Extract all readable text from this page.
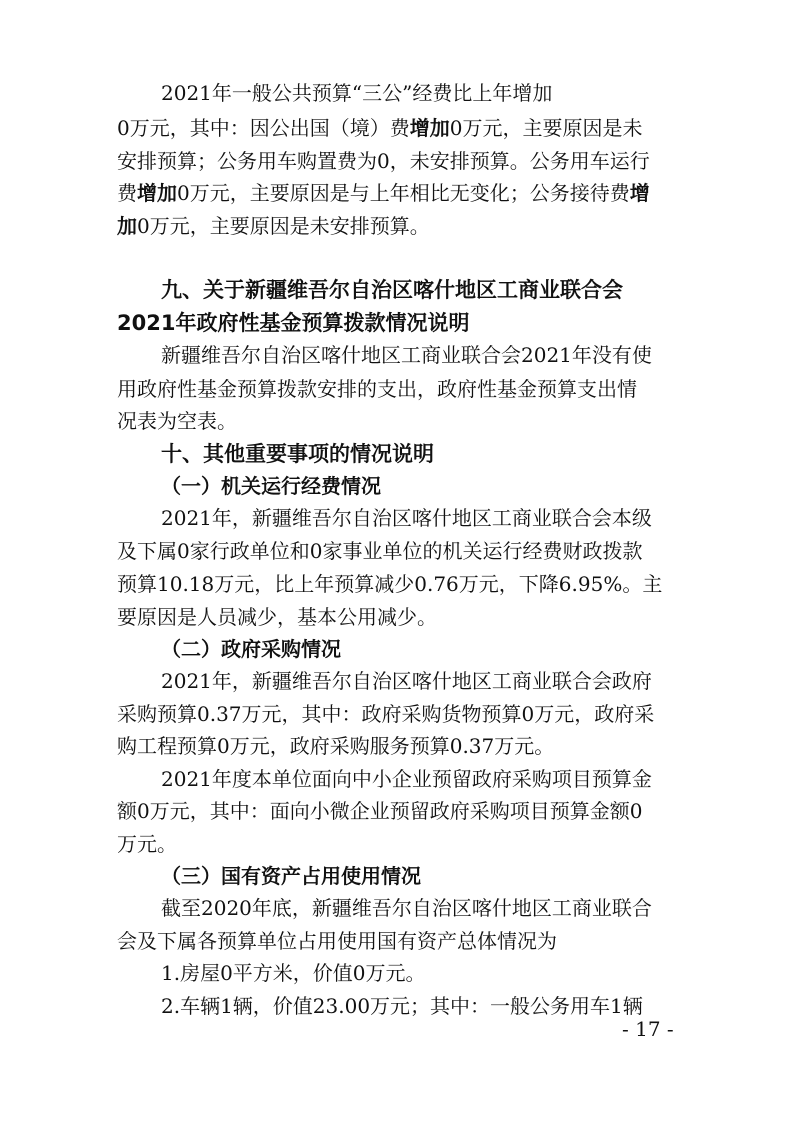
2021年一般公共预算“三公”经费比上年增加

0万元，其中：因公出国（境）费增加0万元，主要原因是未

安排预算；公务用车购置费为0，未安排预算。公务用车运行

费增加0万元，主要原因是与上年相比无变化；公务接待费增

加0万元，主要原因是未安排预算。

九、关于新疆维吾尔自治区喀什地区工商业联合会

2021年政府性基金预算拨款情况说明

新疆维吾尔自治区喀什地区工商业联合会2021年没有使

用政府性基金预算拨款安排的支出，政府性基金预算支出情

况表为空表。

十、其他重要事项的情况说明

（一）机关运行经费情况

2021年，新疆维吾尔自治区喀什地区工商业联合会本级

及下属0家行政单位和0家事业单位的机关运行经费财政拨款

预算10.18万元，比上年预算减少0.76万元，下降6.95%。主

要原因是人员减少，基本公用减少。

（二）政府采购情况

2021年，新疆维吾尔自治区喀什地区工商业联合会政府

采购预算0.37万元，其中：政府采购货物预算0万元，政府采

购工程预算0万元，政府采购服务预算0.37万元。

2021年度本单位面向中小企业预留政府采购项目预算金

额0万元，其中：面向小微企业预留政府采购项目预算金额0

万元。

（三）国有资产占用使用情况

截至2020年底，新疆维吾尔自治区喀什地区工商业联合

会及下属各预算单位占用使用国有资产总体情况为

1.房屋0平方米，价值0万元。

2.车辆1辆，价值23.00万元；其中：一般公务用车1辆

- 17 -
